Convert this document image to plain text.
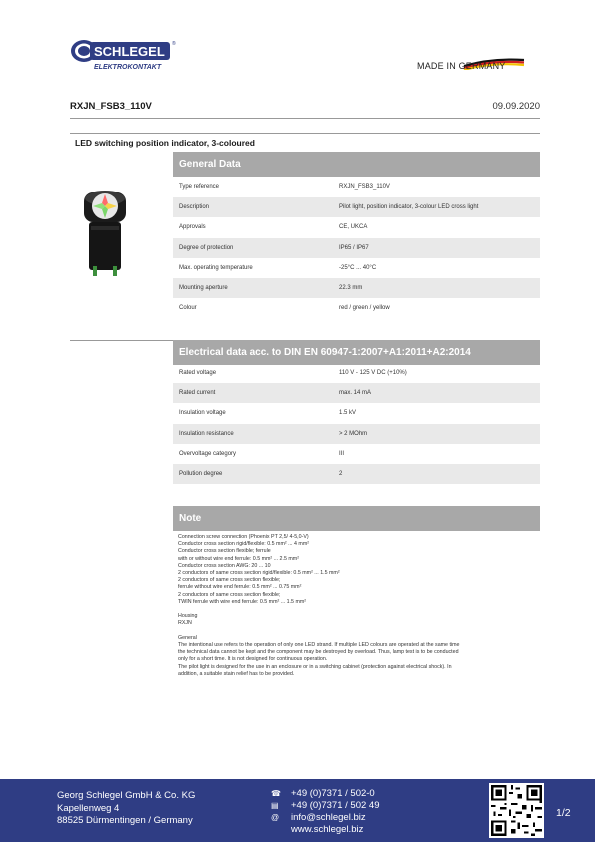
SCHLEGEL ®
ELEKTROKONTAKT	MADE IN GERMANY
RXJN_FSB3_110V	09.09.2020
LED switching position indicator, 3-coloured
General Data
Type reference	RXJN_FSB3_110V
Description	Pilot light, position indicator, 3-colour LED cross light
Approvals	CE, UKCA
Degree of protection	IP65 / IP67
Max. operating temperature	-25°C ... 40°C
Mounting aperture	22.3 mm
Colour	red / green / yellow
Electrical data acc. to DIN EN 60947-1:2007+A1:2011+A2:2014
Rated voltage	110 V - 125 V DC (+10%)
Rated current	max. 14 mA
Insulation voltage	1.5 kV
Insulation resistance	> 2 MOhm
Overvoltage category	III
Pollution degree	2
Note

Connection screw connection (Phoenix PT 2,5/ 4-5,0-V)

Conductor cross section rigid/flexible: 0.5 mm² ... 4 mm²

Conductor cross section flexible; ferrule

with or without wire end ferrule: 0.5 mm² ... 2.5 mm²

Conductor cross section AWG: 20 ... 10

2 conductors of same cross section rigid/flexible: 0.5 mm² ... 1.5 mm²

2 conductors of same cross section flexible;

ferrule without wire end ferrule: 0.5 mm² ... 0.75 mm²

2 conductors of same cross section flexible;

TWIN ferrule with wire end ferrule: 0.5 mm² ... 1.5 mm²

Housing

RXJN

General

The intentional use refers to the operation of only one LED strand. If multiple LED colours are operated at the same time

the technical data cannot be kept and the component may be destroyed by overload. Thus, lamp test is to be conducted

only for a short time. It is not designed for continuous operation.

The pilot light is designed for the use in an enclosure or in a switching cabinet (protection against electrical shock). In

addition, a suitable stain relief has to be provided.

Georg Schlegel GmbH & Co. KG
Kapellenweg 4
88525 Dürmentingen / Germany
☎	+49 (0)7371 / 502-0
▤	+49 (0)7371 / 502 49
@	info@schlegel.biz
www.schlegel.biz
1/2
